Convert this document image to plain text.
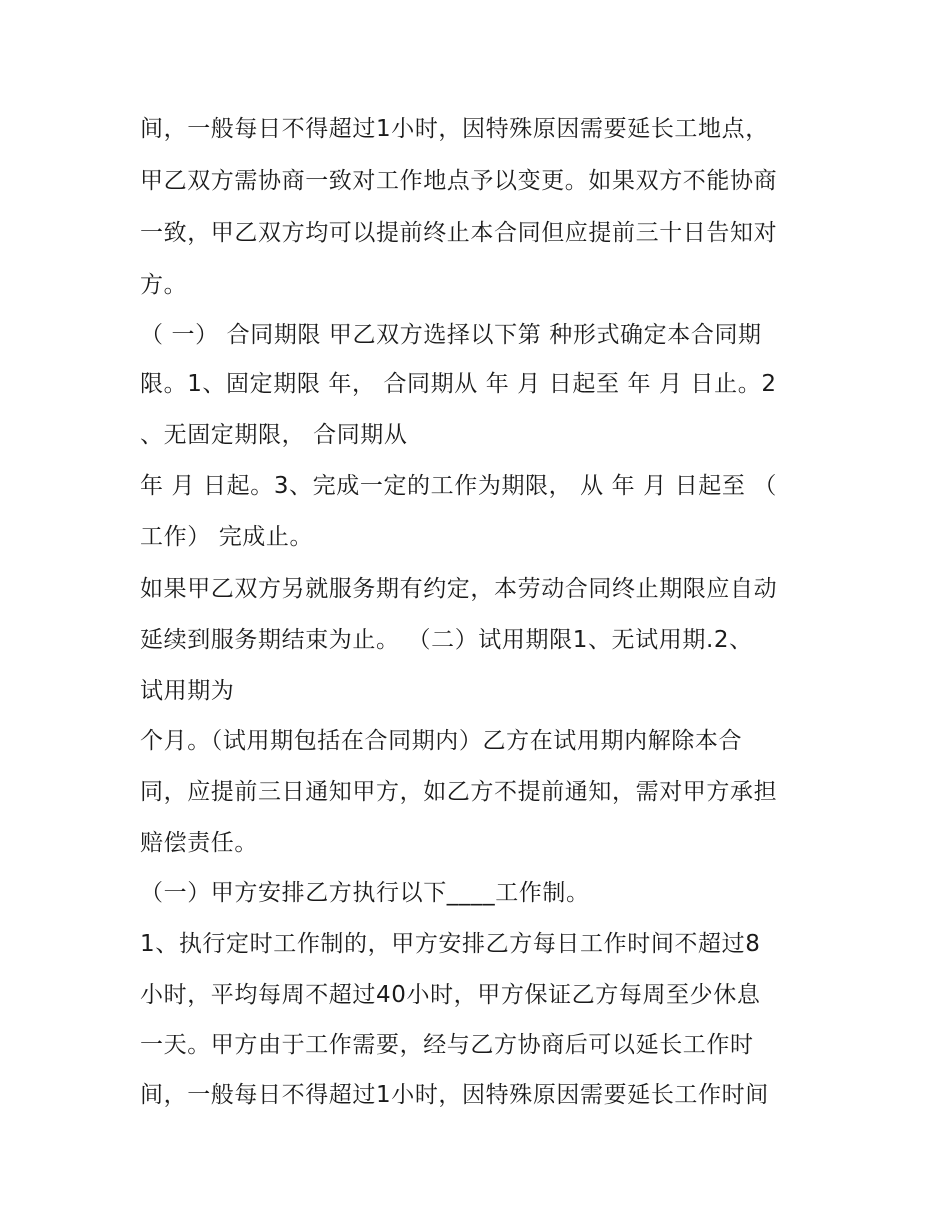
间，一般每日不得超过1小时，因特殊原因需要延长工地点，
甲乙双方需协商一致对工作地点予以变更。如果双方不能协商
一致，甲乙双方均可以提前终止本合同但应提前三十日告知对
方。
（ 一） 合同期限 甲乙双方选择以下第 种形式确定本合同期
限。1、固定期限 年， 合同期从 年 月 日起至 年 月 日止。2
、无固定期限， 合同期从
年 月 日起。3、完成一定的工作为期限， 从 年 月 日起至 （
工作） 完成止。
如果甲乙双方另就服务期有约定，本劳动合同终止期限应自动
延续到服务期结束为止。 （二）试用期限1、无试用期.2、
试用期为
个月。（试用期包括在合同期内）乙方在试用期内解除本合
同，应提前三日通知甲方，如乙方不提前通知，需对甲方承担
赔偿责任。
（一）甲方安排乙方执行以下____工作制。
1、执行定时工作制的，甲方安排乙方每日工作时间不超过8
小时，平均每周不超过40小时，甲方保证乙方每周至少休息
一天。甲方由于工作需要，经与乙方协商后可以延长工作时
间，一般每日不得超过1小时，因特殊原因需要延长工作时间
